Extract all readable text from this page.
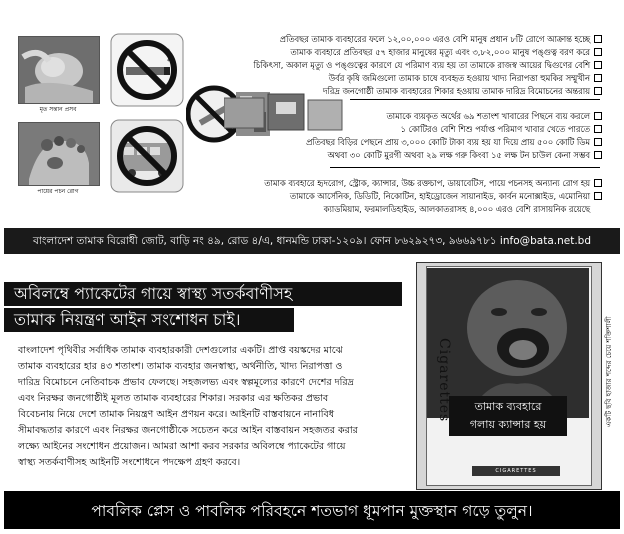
মৃত সন্তান প্রসব
পায়ের পচন রোগ
প্রতিবছর তামাক ব্যবহারের ফলে ১২,০০,০০০ এরও বেশি মানুষ প্রধান ৮টি রোগে আক্রান্ত হচ্ছে
তামাক ব্যবহারে প্রতিবছর ৫৭ হাজার মানুষের মৃত্যু এবং ৩,৮২,০০০ মানুষ পঙ্গুত্ব বরণ করে
চিকিৎসা, অকাল মৃত্যু ও পঙ্গুত্বের কারণে যে পরিমাণ ব্যয় হয় তা তামাকে রাজস্ব আয়ের দ্বিগুণের বেশি
উর্বর কৃষি জমিগুলো তামাক চাষে ব্যবহৃত হওয়ায় খাদ্য নিরাপত্তা হুমকির সম্মুখীন
দরিদ্র জনগোষ্ঠী তামাক ব্যবহারের শিকার হওয়ায় তামাক দারিদ্র বিমোচনের অন্তরায়
তামাকে ব্যয়কৃত অর্থের ৬৯ শতাংশ খাবারের পিছনে ব্যয় করলে
১ কোটিরও বেশি শিশু পর্যাপ্ত পরিমাণ খাবার খেতে পারতে
প্রতিবছর বিড়ির পেছনে প্রায় ৩,০০০ কোটি টাকা ব্যয় হয় যা দিয়ে প্রায় ৫০০ কোটি ডিম
অথবা ৩০ কোটি মুরগী অথবা ২৯ লক্ষ গরু কিংবা ১৫ লক্ষ টন চাউল কেনা সম্ভব
তামাক ব্যবহারে হৃদরোগ, স্ট্রোক, ক্যান্সার, উচ্চ রক্তচাপ, ডায়াবেটিস, পায়ে পচনসহ অন্যান্য রোগ হয়
তামাকে আর্সেনিক, ডিডিটি, নিকোটিন, হাইড্রোজেন সায়ানাইড, কার্বন মনোক্সাইড, এমোনিয়া
ক্যাডমিয়াম, ফরমালডিহাইড, আলকাতরাসহ ৪,০০০ এরও বেশি রাসায়নিক রয়েছে
বাংলাদেশ তামাক বিরোধী জোট, বাড়ি নং ৪৯, রোড ৪/এ, ধানমন্ডি ঢাকা-১২০৯। ফোন ৮৬২৯২৭৩, ৯৬৬৯৭৮১ info@bata.net.bd
অবিলম্বে প্যাকেটের গায়ে স্বাস্থ্য সতর্কবাণীসহ
তামাক নিয়ন্ত্রণ আইন সংশোধন চাই।
বাংলাদেশ পৃথিবীর সর্বাধিক তামাক ব্যবহারকারী দেশগুলোর একটি। প্রাপ্ত বয়স্কদের মাঝে
তামাক ব্যবহারের হার ৪৩ শতাংশ। তামাক ব্যবহার জনস্বাস্থ্য, অর্থনীতি, খাদ্য নিরাপত্তা ও
দারিদ্র বিমোচনে নেতিবাচক প্রভাব ফেলছে। সহজলভ্য এবং স্বল্পমূল্যের কারণে দেশের দরিদ্র
এবং নিরক্ষর জনগোষ্ঠীই মূলত তামাক ব্যবহারের শিকার। সরকার এর ক্ষতিকর প্রভাব
বিবেচনায় নিয়ে দেশে তামাক নিয়ন্ত্রণ আইন প্রণয়ন করে। আইনটি বাস্তবায়নে নানাবিধ
সীমাবদ্ধতার কারণে এবং নিরক্ষর জনগোষ্ঠীকে সচেতন করে আইন বাস্তবায়ন সহজতর করার
লক্ষ্যে আইনের সংশোধন প্রয়োজন। আমরা আশা করব সরকার অবিলম্বে প্যাকেটের গায়ে
স্বাস্থ্য সতর্কবাণীসহ আইনটি সংশোধনে পদক্ষেপ গ্রহণ করবে।
তামাক ব্যবহারে
গলায় ক্যান্সার হয়
Cigarettes
CIGARETTES
একটি ছবি হাজার শব্দের চেয়ে শক্তিশালী
পাবলিক প্লেস ও পাবলিক পরিবহনে শতভাগ ধূমপান মুক্তস্থান গড়ে তুলুন।
